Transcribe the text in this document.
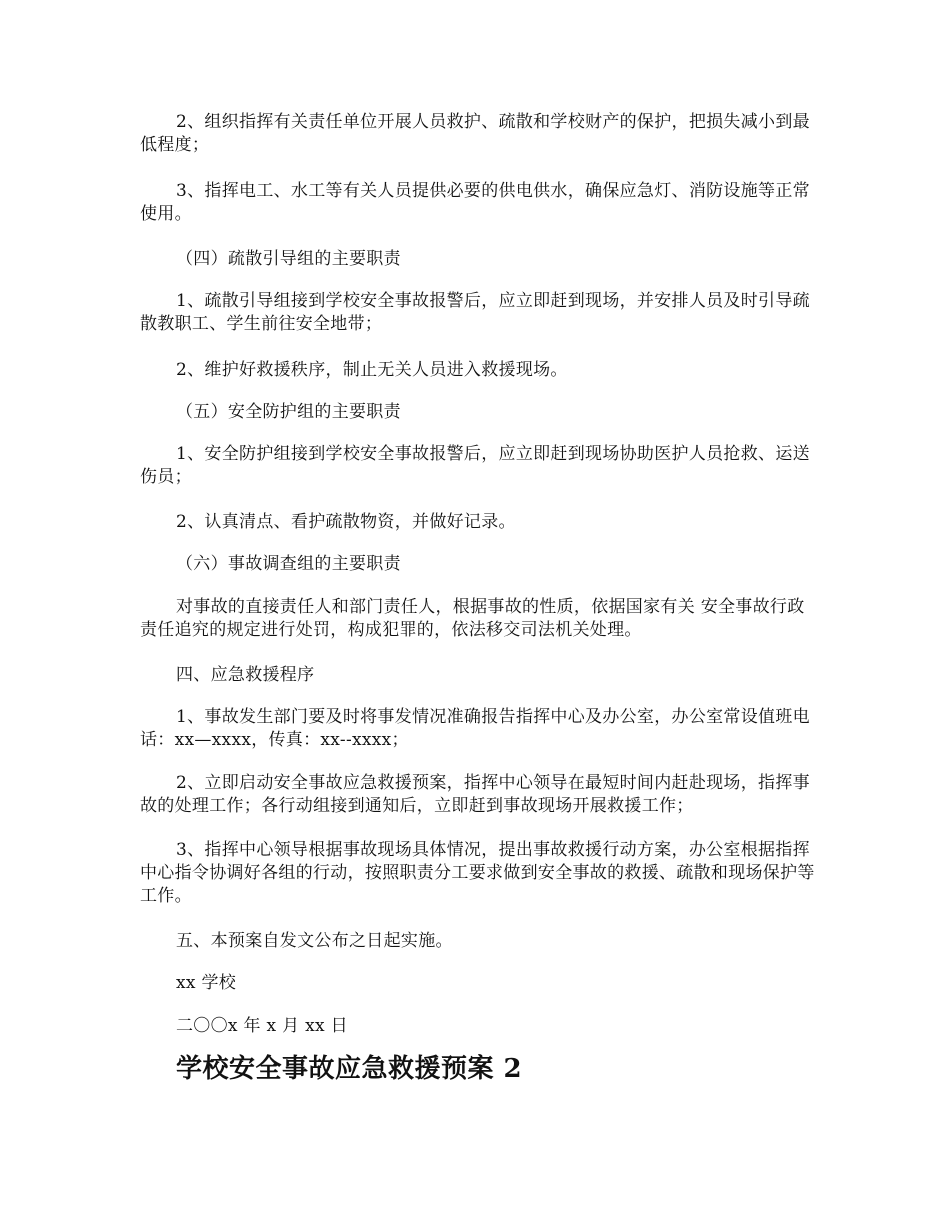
2、组织指挥有关责任单位开展人员救护、疏散和学校财产的保护，把损失减小到最低程度；

3、指挥电工、水工等有关人员提供必要的供电供水，确保应急灯、消防设施等正常使用。

（四）疏散引导组的主要职责

1、疏散引导组接到学校安全事故报警后，应立即赶到现场，并安排人员及时引导疏散教职工、学生前往安全地带；

2、维护好救援秩序，制止无关人员进入救援现场。

（五）安全防护组的主要职责

1、安全防护组接到学校安全事故报警后，应立即赶到现场协助医护人员抢救、运送伤员；

2、认真清点、看护疏散物资，并做好记录。

（六）事故调查组的主要职责

对事故的直接责任人和部门责任人，根据事故的性质，依据国家有关 安全事故行政责任追究的规定进行处罚，构成犯罪的，依法移交司法机关处理。

四、应急救援程序

1、事故发生部门要及时将事发情况准确报告指挥中心及办公室，办公室常设值班电话：xx—xxxx，传真：xx--xxxx；

2、立即启动安全事故应急救援预案，指挥中心领导在最短时间内赶赴现场，指挥事故的处理工作；各行动组接到通知后，立即赶到事故现场开展救援工作；

3、指挥中心领导根据事故现场具体情况，提出事故救援行动方案，办公室根据指挥中心指令协调好各组的行动，按照职责分工要求做到安全事故的救援、疏散和现场保护等工作。

五、本预案自发文公布之日起实施。

xx 学校

二〇〇x 年 x 月 xx 日

学校安全事故应急救援预案 2
